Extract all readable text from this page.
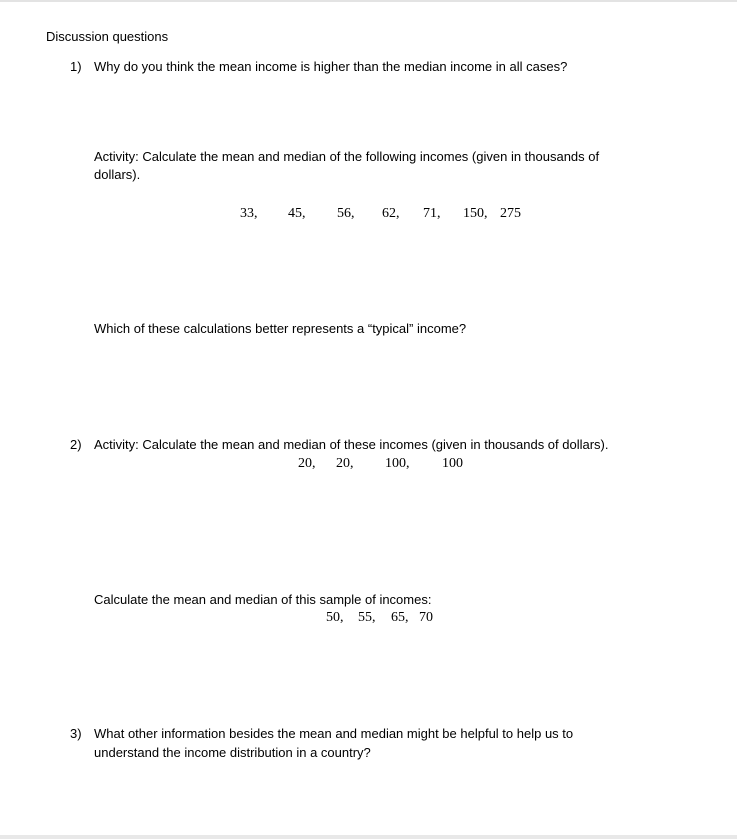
Discussion questions
1) Why do you think the mean income is higher than the median income in all cases?
Activity: Calculate the mean and median of the following incomes (given in thousands of
dollars).
33, 45, 56, 62, 71, 150, 275
Which of these calculations better represents a “typical” income?
2) Activity: Calculate the mean and median of these incomes (given in thousands of dollars).
20, 20, 100, 100
Calculate the mean and median of this sample of incomes:
50, 55, 65, 70
3) What other information besides the mean and median might be helpful to help us to
understand the income distribution in a country?
